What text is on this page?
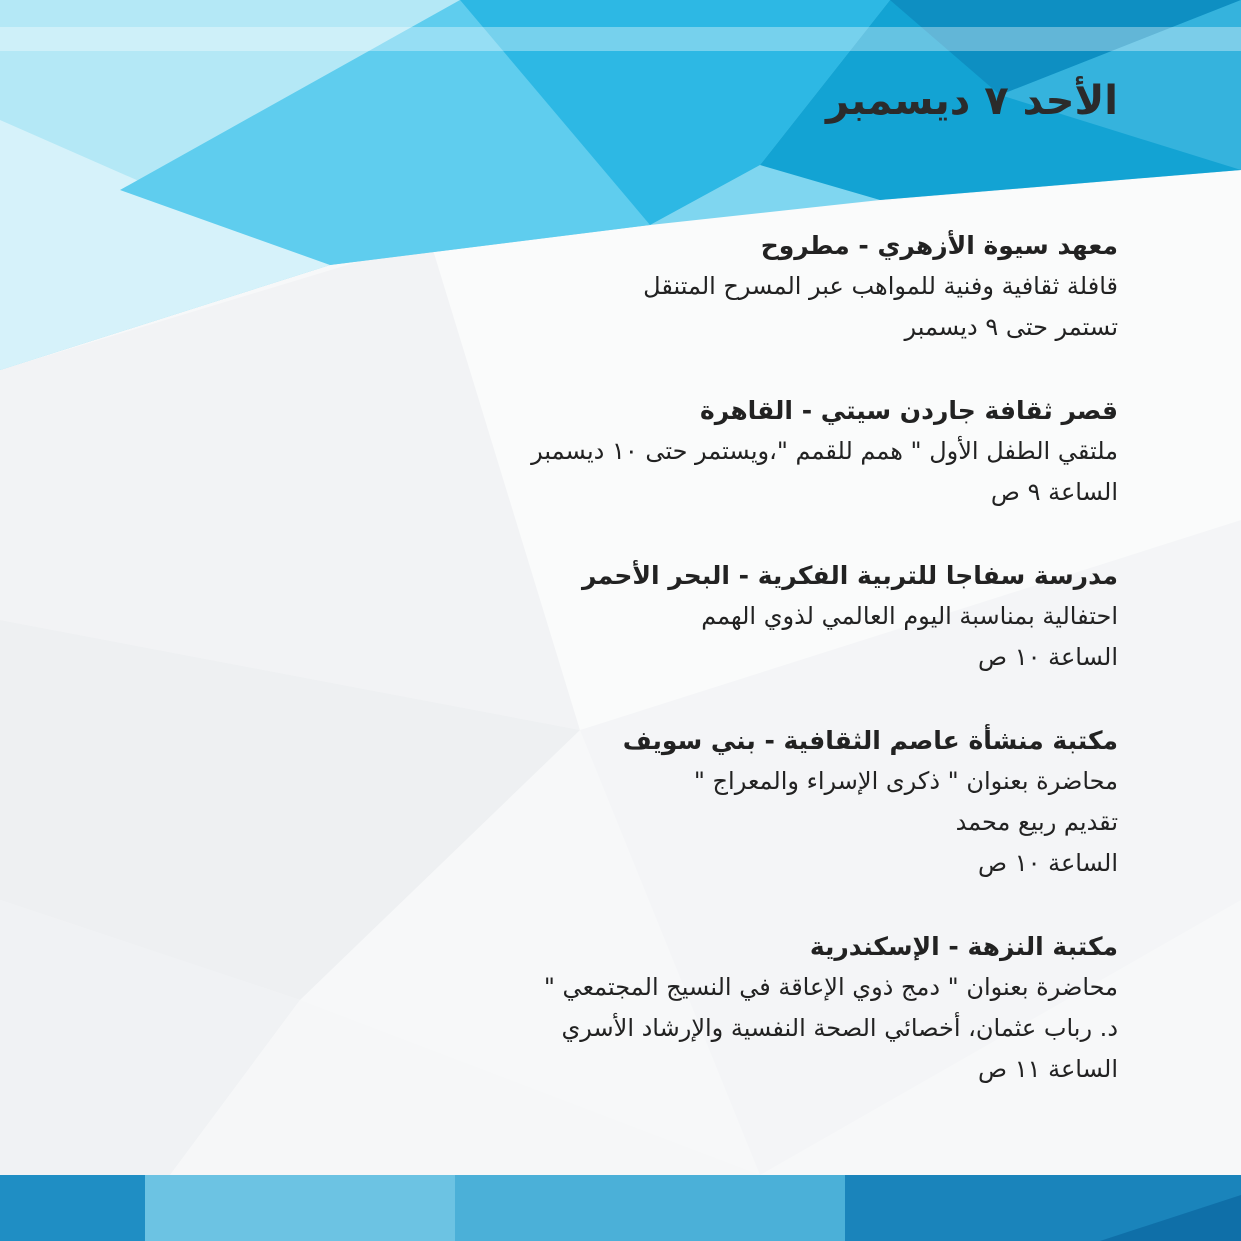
الأحد ٧ ديسمبر
معهد سيوة الأزهري - مطروح
قافلة ثقافية وفنية للمواهب عبر المسرح المتنقل
تستمر حتى ٩ ديسمبر
قصر ثقافة جاردن سيتي - القاهرة
ملتقي الطفل الأول " همم للقمم "،ويستمر حتى ١٠ ديسمبر
الساعة ٩ ص
مدرسة سفاجا للتربية الفكرية - البحر الأحمر
احتفالية بمناسبة اليوم العالمي لذوي الهمم
الساعة ١٠ ص
مكتبة منشأة عاصم الثقافية - بني سويف
محاضرة بعنوان " ذكرى الإسراء والمعراج "
تقديم ربيع محمد
الساعة ١٠ ص
مكتبة النزهة - الإسكندرية
محاضرة بعنوان " دمج ذوي الإعاقة في النسيج المجتمعي "
د. رباب عثمان، أخصائي الصحة النفسية والإرشاد الأسري
الساعة ١١ ص
